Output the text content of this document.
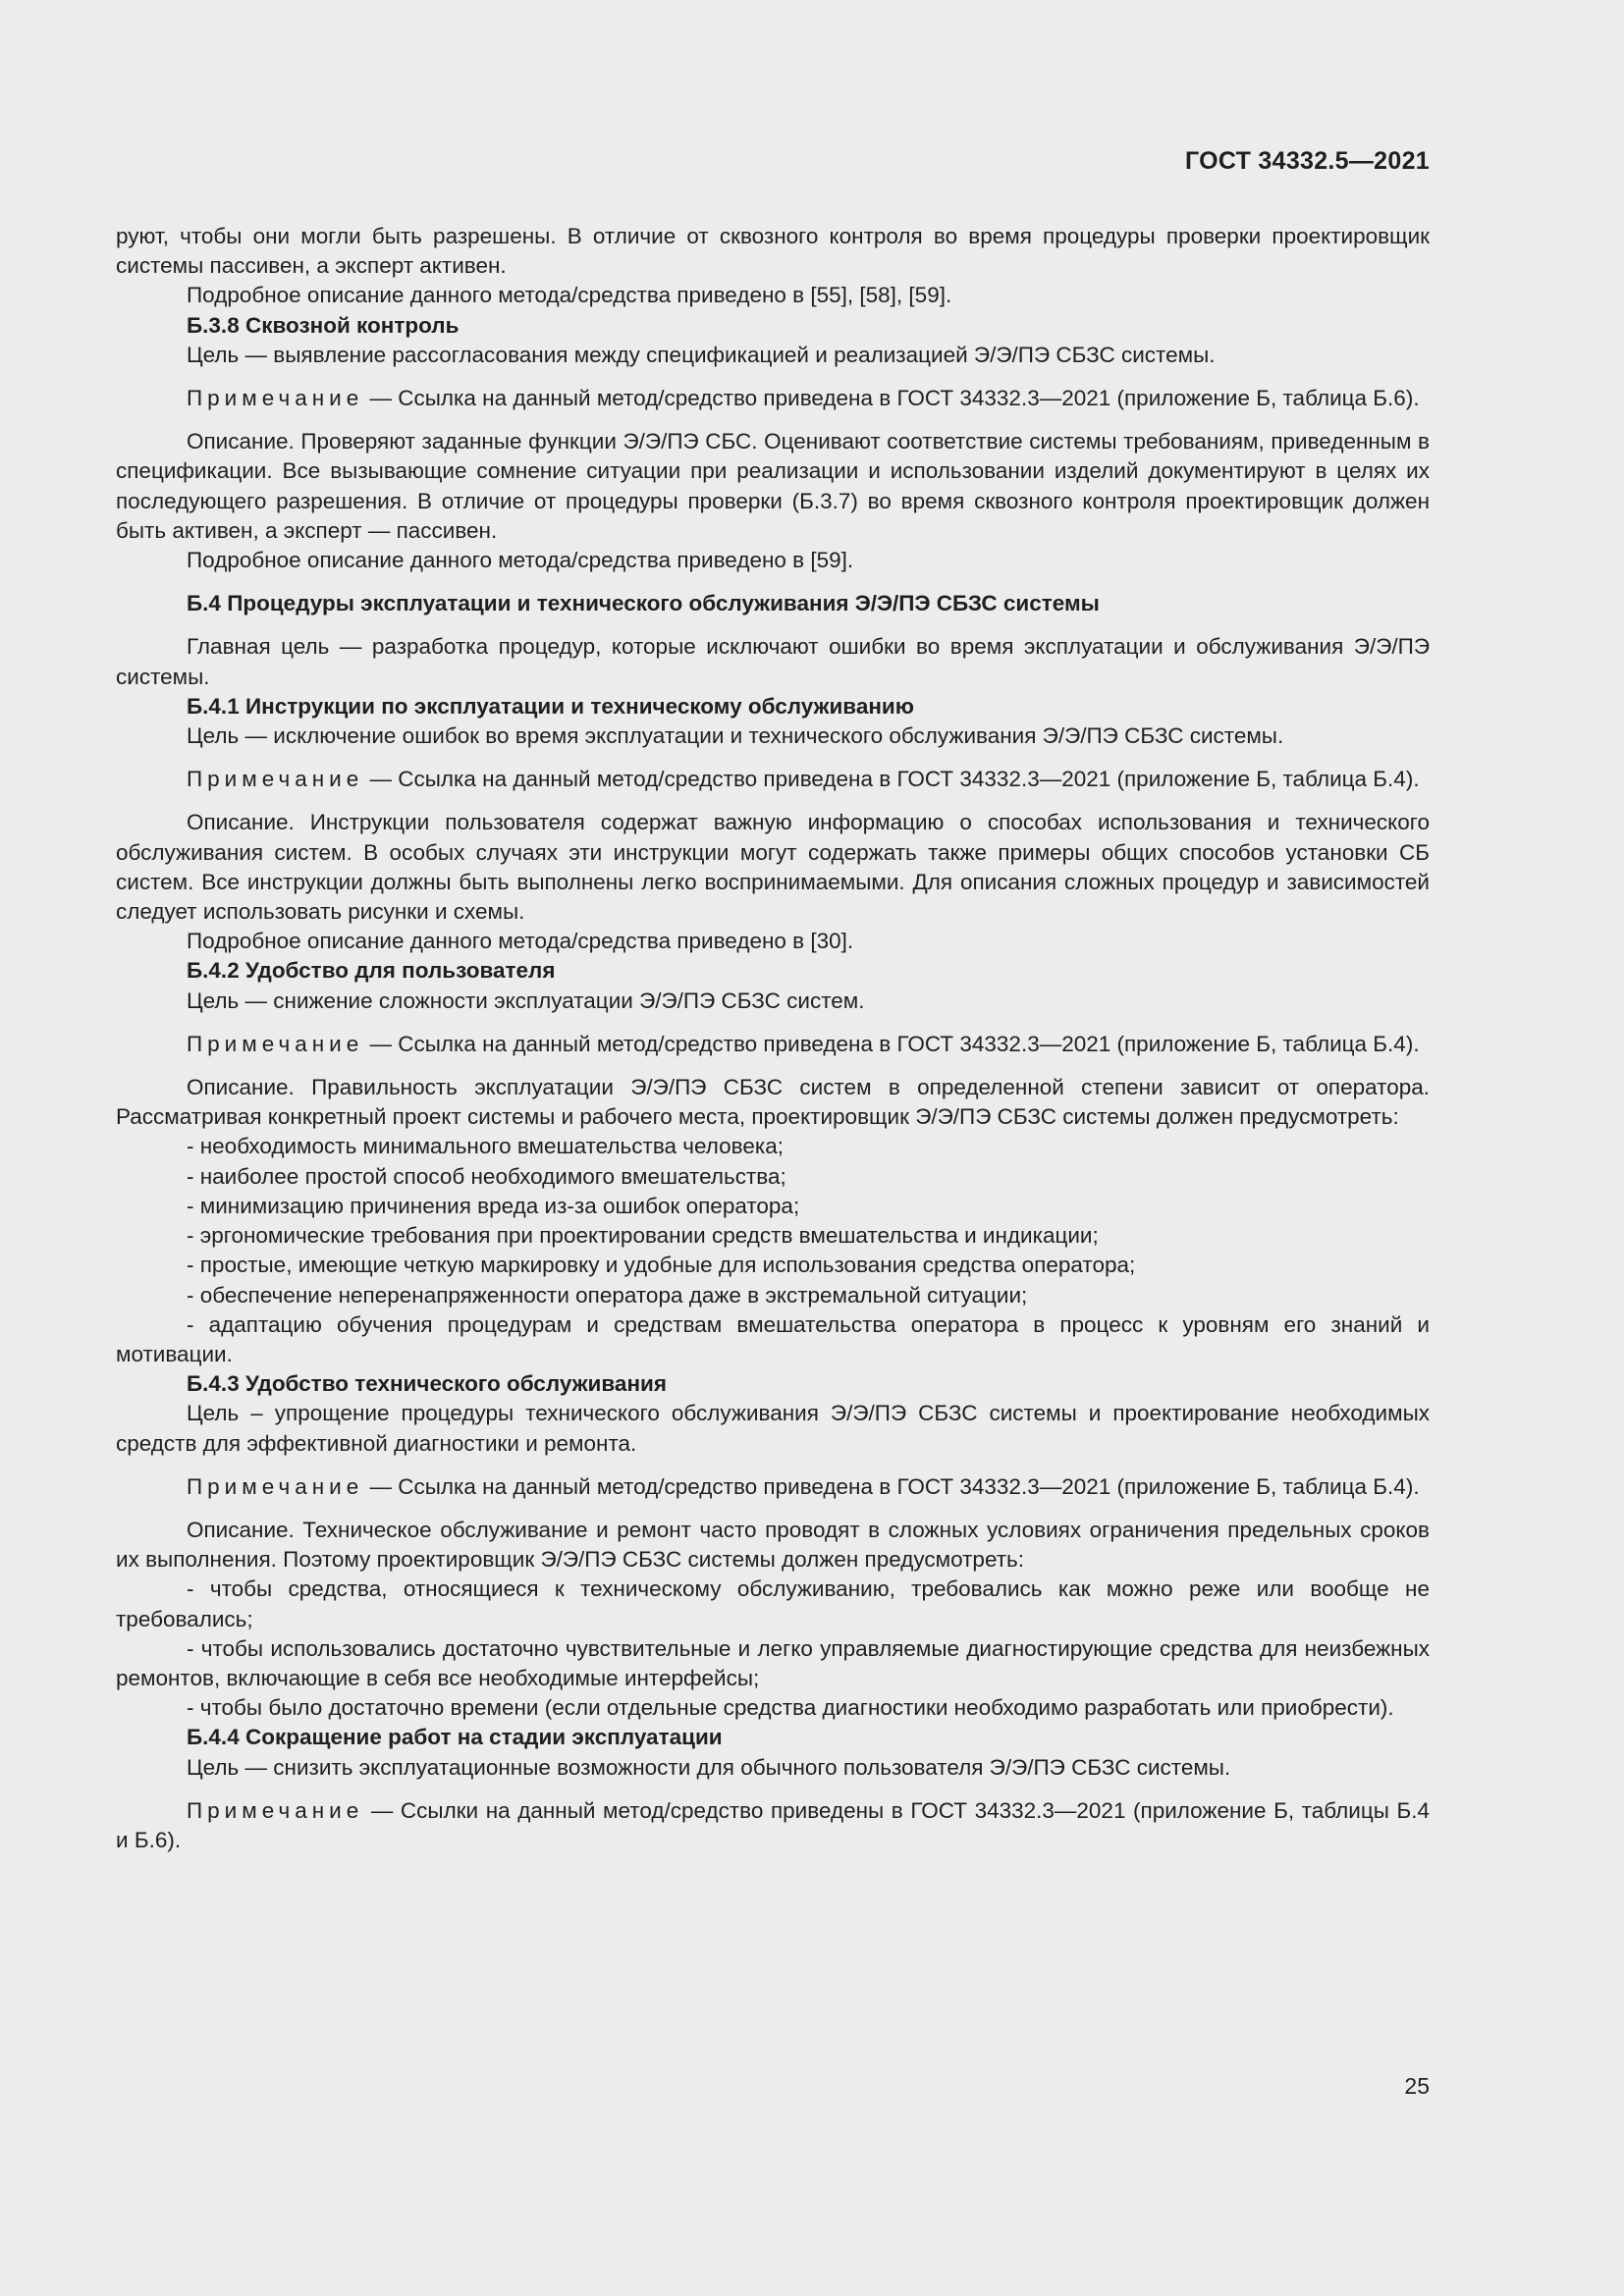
ГОСТ 34332.5—2021

руют, чтобы они могли быть разрешены. В отличие от сквозного контроля во время процедуры проверки проектировщик системы пассивен, а эксперт активен.

Подробное описание данного метода/средства приведено в [55], [58], [59].

Б.3.8 Сквозной контроль

Цель — выявление рассогласования между спецификацией и реализацией Э/Э/ПЭ СБЗС системы.

Примечание — Ссылка на данный метод/средство приведена в ГОСТ 34332.3—2021 (приложение Б, таблица Б.6).

Описание. Проверяют заданные функции Э/Э/ПЭ СБС. Оценивают соответствие системы требованиям, приведенным в спецификации. Все вызывающие сомнение ситуации при реализации и использовании изделий документируют в целях их последующего разрешения. В отличие от процедуры проверки (Б.3.7) во время сквозного контроля проектировщик должен быть активен, а эксперт — пассивен.

Подробное описание данного метода/средства приведено в [59].

Б.4 Процедуры эксплуатации и технического обслуживания Э/Э/ПЭ СБЗС системы

Главная цель — разработка процедур, которые исключают ошибки во время эксплуатации и обслуживания Э/Э/ПЭ системы.

Б.4.1 Инструкции по эксплуатации и техническому обслуживанию

Цель — исключение ошибок во время эксплуатации и технического обслуживания Э/Э/ПЭ СБЗС системы.

Примечание — Ссылка на данный метод/средство приведена в ГОСТ 34332.3—2021 (приложение Б, таблица Б.4).

Описание. Инструкции пользователя содержат важную информацию о способах использования и технического обслуживания систем. В особых случаях эти инструкции могут содержать также примеры общих способов установки СБ систем. Все инструкции должны быть выполнены легко воспринимаемыми. Для описания сложных процедур и зависимостей следует использовать рисунки и схемы.

Подробное описание данного метода/средства приведено в [30].

Б.4.2 Удобство для пользователя

Цель — снижение сложности эксплуатации Э/Э/ПЭ СБЗС систем.

Примечание — Ссылка на данный метод/средство приведена в ГОСТ 34332.3—2021 (приложение Б, таблица Б.4).

Описание. Правильность эксплуатации Э/Э/ПЭ СБЗС систем в определенной степени зависит от оператора. Рассматривая конкретный проект системы и рабочего места, проектировщик Э/Э/ПЭ СБЗС системы должен предусмотреть:

- необходимость минимального вмешательства человека;

- наиболее простой способ необходимого вмешательства;

- минимизацию причинения вреда из-за ошибок оператора;

- эргономические требования при проектировании средств вмешательства и индикации;

- простые, имеющие четкую маркировку и удобные для использования средства оператора;

- обеспечение неперенапряженности оператора даже в экстремальной ситуации;

- адаптацию обучения процедурам и средствам вмешательства оператора в процесс к уровням его знаний и мотивации.

Б.4.3 Удобство технического обслуживания

Цель – упрощение процедуры технического обслуживания Э/Э/ПЭ СБЗС системы и проектирование необходимых средств для эффективной диагностики и ремонта.

Примечание — Ссылка на данный метод/средство приведена в ГОСТ 34332.3—2021 (приложение Б, таблица Б.4).

Описание. Техническое обслуживание и ремонт часто проводят в сложных условиях ограничения предельных сроков их выполнения. Поэтому проектировщик Э/Э/ПЭ СБЗС системы должен предусмотреть:

- чтобы средства, относящиеся к техническому обслуживанию, требовались как можно реже или вообще не требовались;

- чтобы использовались достаточно чувствительные и легко управляемые диагностирующие средства для неизбежных ремонтов, включающие в себя все необходимые интерфейсы;

- чтобы было достаточно времени (если отдельные средства диагностики необходимо разработать или приобрести).

Б.4.4 Сокращение работ на стадии эксплуатации

Цель — снизить эксплуатационные возможности для обычного пользователя Э/Э/ПЭ СБЗС системы.

Примечание — Ссылки на данный метод/средство приведены в ГОСТ 34332.3—2021 (приложение Б, таблицы Б.4 и Б.6).

25
